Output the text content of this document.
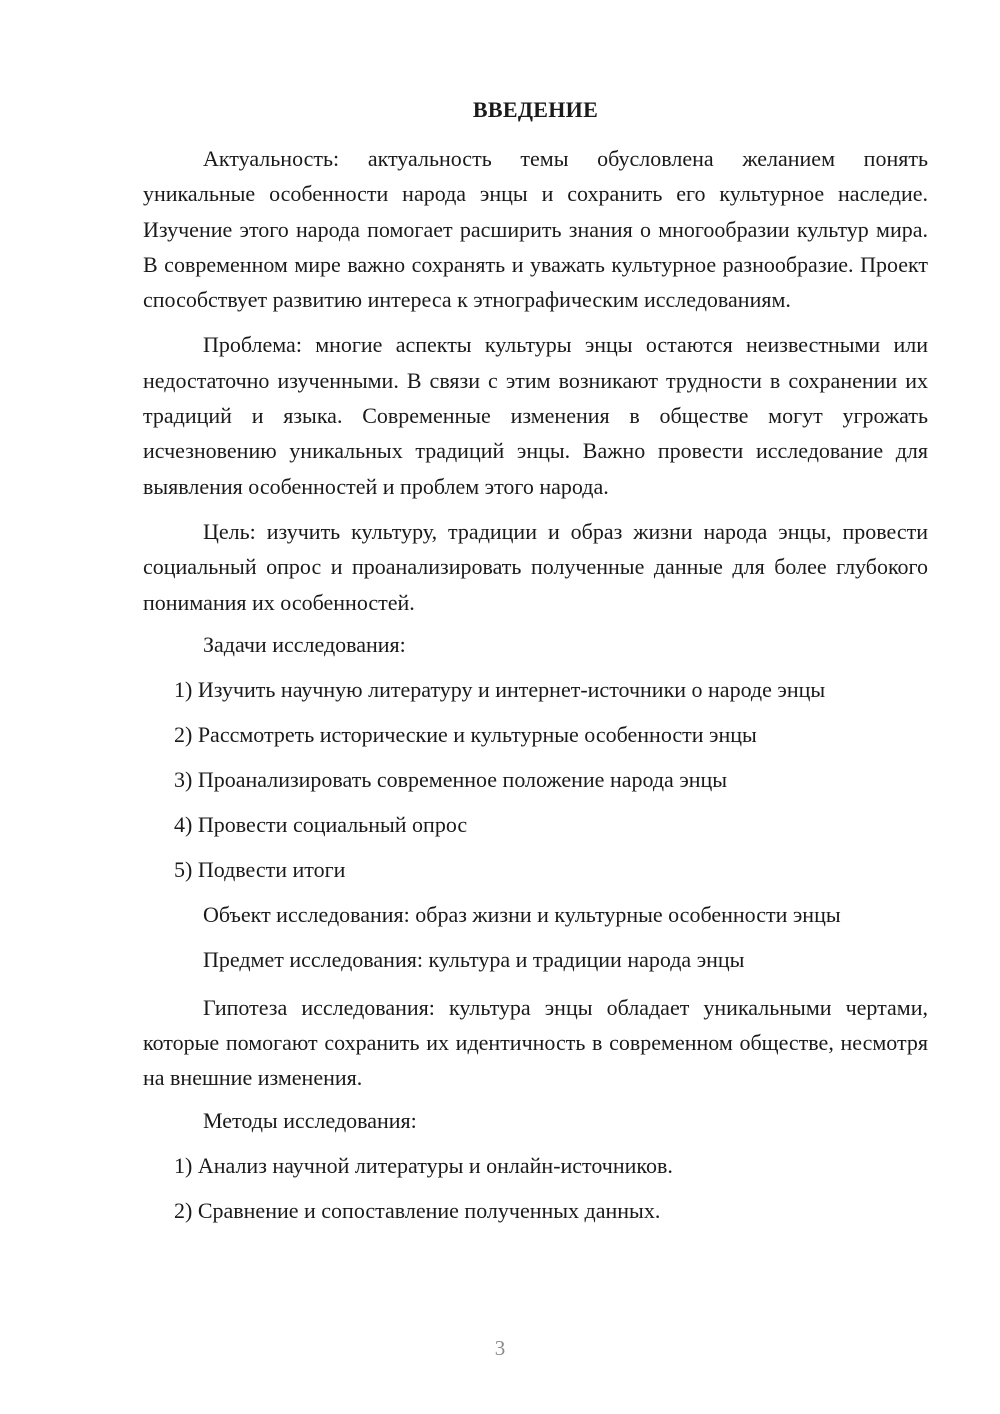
ВВЕДЕНИЕ

Актуальность: актуальность темы обусловлена желанием понять уникальные особенности народа энцы и сохранить его культурное наследие. Изучение этого народа помогает расширить знания о многообразии культур мира. В современном мире важно сохранять и уважать культурное разнообразие. Проект способствует развитию интереса к этнографическим исследованиям.

Проблема: многие аспекты культуры энцы остаются неизвестными или недостаточно изученными. В связи с этим возникают трудности в сохранении их традиций и языка. Современные изменения в обществе могут угрожать исчезновению уникальных традиций энцы. Важно провести исследование для выявления особенностей и проблем этого народа.

Цель: изучить культуру, традиции и образ жизни народа энцы, провести социальный опрос и проанализировать полученные данные для более глубокого понимания их особенностей.

Задачи исследования:
1) Изучить научную литературу и интернет-источники о народе энцы
2) Рассмотреть исторические и культурные особенности энцы
3) Проанализировать современное положение народа энцы
4) Провести социальный опрос
5) Подвести итоги
Объект исследования: образ жизни и культурные особенности энцы
Предмет исследования: культура и традиции народа энцы

Гипотеза исследования: культура энцы обладает уникальными чертами, которые помогают сохранить их идентичность в современном обществе, несмотря на внешние изменения.

Методы исследования:
1) Анализ научной литературы и онлайн-источников.
2) Сравнение и сопоставление полученных данных.
3
